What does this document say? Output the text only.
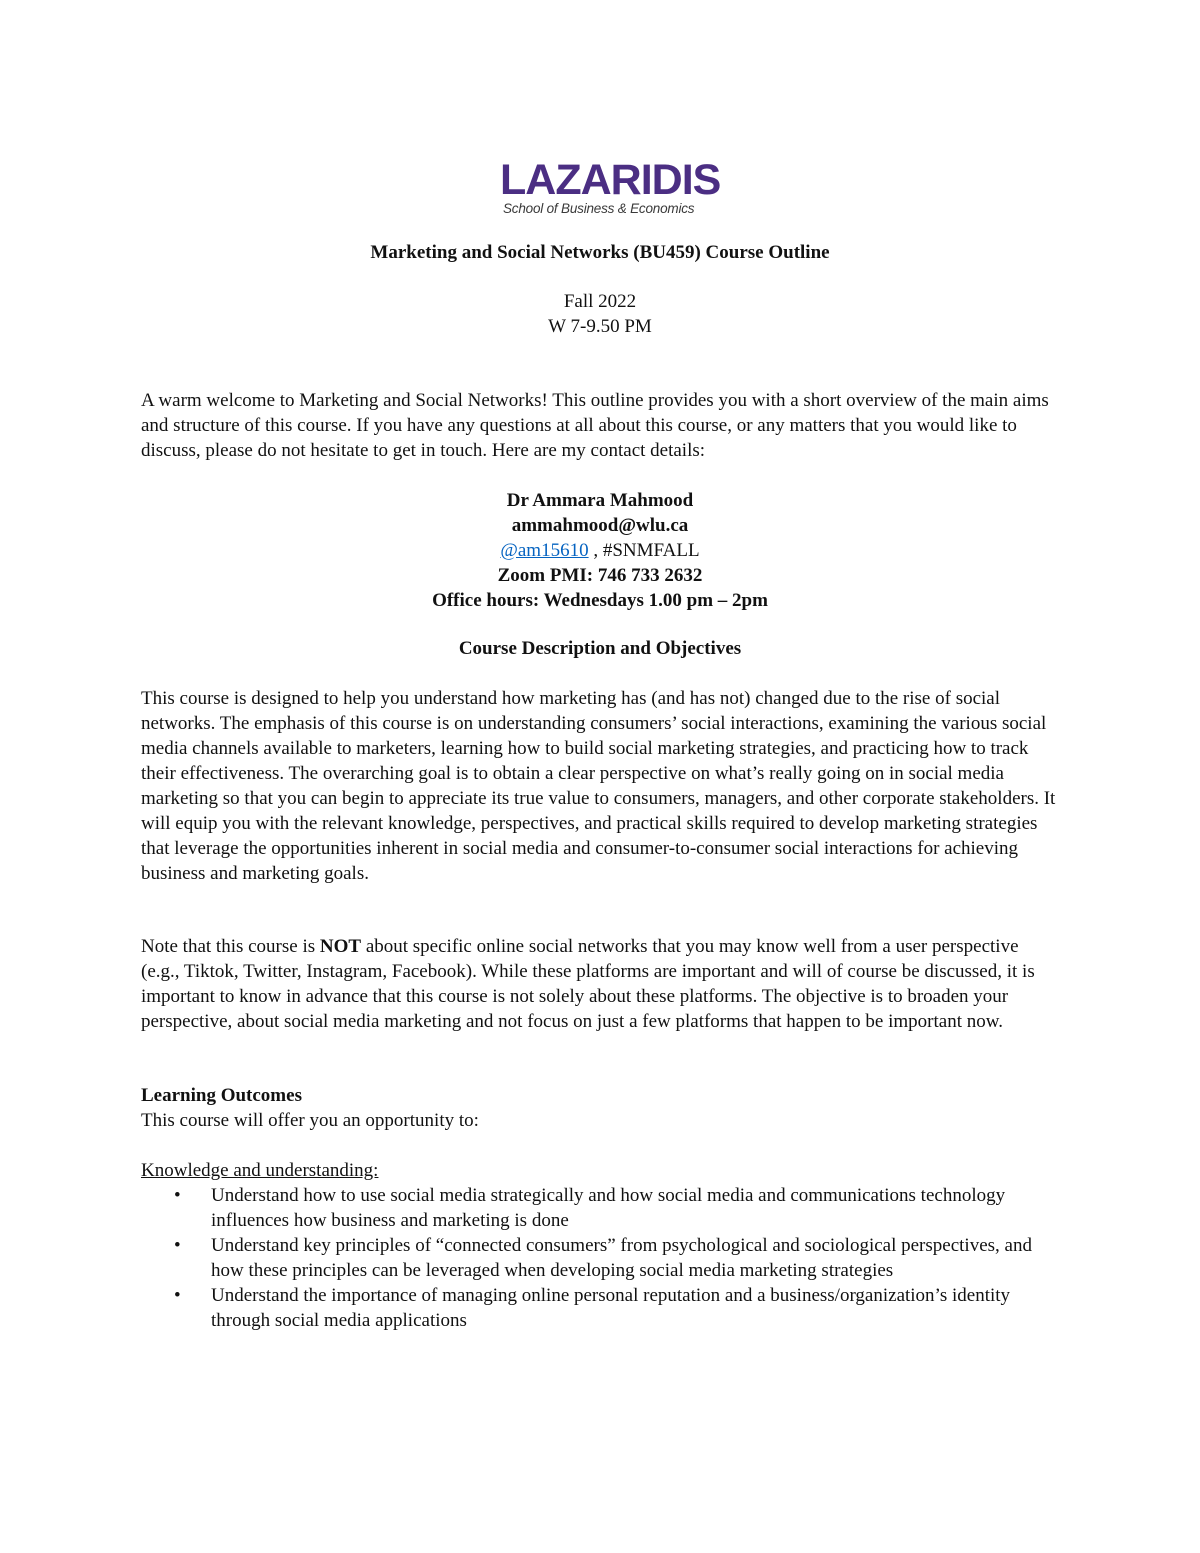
LAZARIDIS
School of Business & Economics
Marketing and Social Networks (BU459) Course Outline
Fall 2022
W 7-9.50 PM
A warm welcome to Marketing and Social Networks! This outline provides you with a short overview of the main aims and structure of this course. If you have any questions at all about this course, or any matters that you would like to discuss, please do not hesitate to get in touch. Here are my contact details:
Dr Ammara Mahmood
ammahmood@wlu.ca
@am15610 , #SNMFALL
Zoom PMI: 746 733 2632
Office hours: Wednesdays 1.00 pm – 2pm
Course Description and Objectives
This course is designed to help you understand how marketing has (and has not) changed due to the rise of social networks. The emphasis of this course is on understanding consumers’ social interactions, examining the various social media channels available to marketers, learning how to build social marketing strategies, and practicing how to track their effectiveness. The overarching goal is to obtain a clear perspective on what’s really going on in social media marketing so that you can begin to appreciate its true value to consumers, managers, and other corporate stakeholders. It will equip you with the relevant knowledge, perspectives, and practical skills required to develop marketing strategies that leverage the opportunities inherent in social media and consumer-to-consumer social interactions for achieving business and marketing goals.
Note that this course is NOT about specific online social networks that you may know well from a user perspective (e.g., Tiktok, Twitter, Instagram, Facebook). While these platforms are important and will of course be discussed, it is important to know in advance that this course is not solely about these platforms. The objective is to broaden your perspective, about social media marketing and not focus on just a few platforms that happen to be important now.
Learning Outcomes
This course will offer you an opportunity to:
Knowledge and understanding:
• Understand how to use social media strategically and how social media and communications technology influences how business and marketing is done
• Understand key principles of “connected consumers” from psychological and sociological perspectives, and how these principles can be leveraged when developing social media marketing strategies
• Understand the importance of managing online personal reputation and a business/organization’s identity through social media applications
